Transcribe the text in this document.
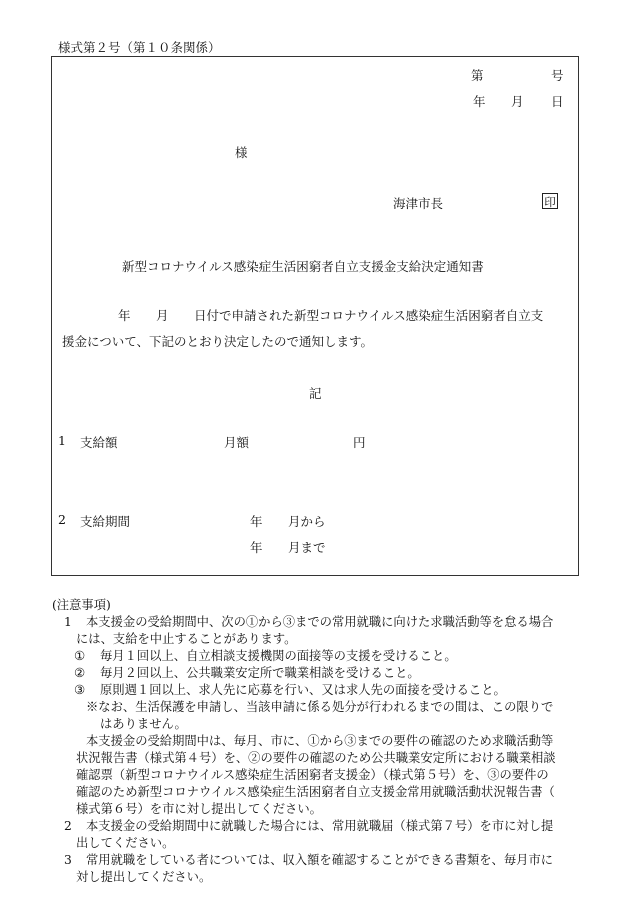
様式第２号（第１０条関係）
第	号
年 月 日
様
海津市長	印
新型コロナウイルス感染症生活困窮者自立支援金支給決定通知書
年 月 日付で申請された新型コロナウイルス感染症生活困窮者自立支
援金について、下記のとおり決定したので通知します。
記
1 支給額	月額	円
2 支給期間	年 月から
年 月まで
(注意事項)
1 本支援金の受給期間中、次の①から③までの常用就職に向けた求職活動等を怠る場合
には、支給を中止することがあります。
① 毎月１回以上、自立相談支援機関の面接等の支援を受けること。
② 毎月２回以上、公共職業安定所で職業相談を受けること。
③ 原則週１回以上、求人先に応募を行い、又は求人先の面接を受けること。
※なお、生活保護を申請し、当該申請に係る処分が行われるまでの間は、この限りで
はありません。
本支援金の受給期間中は、毎月、市に、①から③までの要件の確認のため求職活動等
状況報告書（様式第４号）を、②の要件の確認のため公共職業安定所における職業相談
確認票（新型コロナウイルス感染症生活困窮者支援金）（様式第５号）を、③の要件の
確認のため新型コロナウイルス感染症生活困窮者自立支援金常用就職活動状況報告書（
様式第６号）を市に対し提出してください。
2 本支援金の受給期間中に就職した場合には、常用就職届（様式第７号）を市に対し提
出してください。
3 常用就職をしている者については、収入額を確認することができる書類を、毎月市に
対し提出してください。
